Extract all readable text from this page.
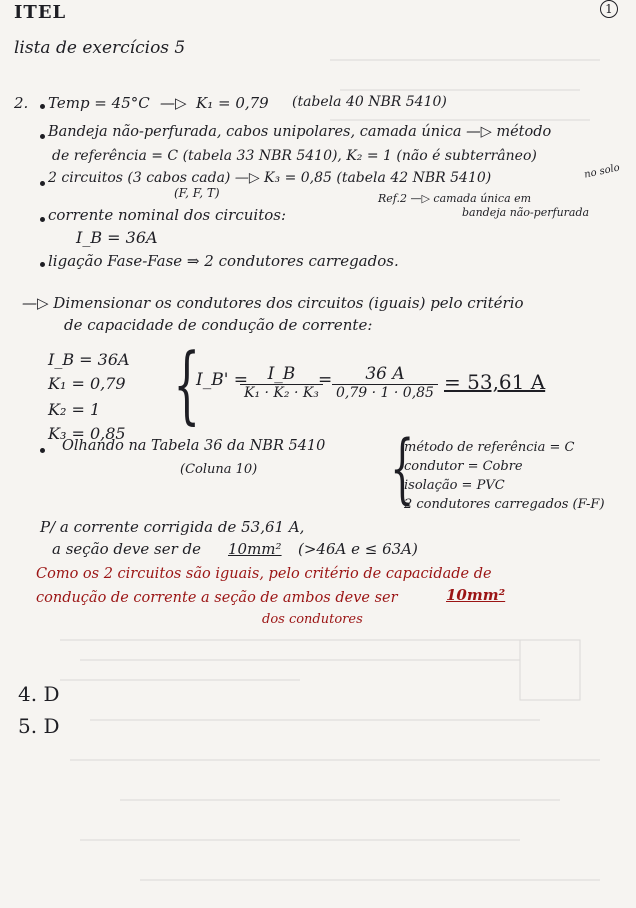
ITEL
lista de exercícios 5
1
2. Temp = 45°C —▷ K₁ = 0,79 (tabela 40 NBR 5410)
Bandeja não-perfurada, cabos unipolares, camada única —▷ método
de referência = C (tabela 33 NBR 5410), K₂ = 1 (não é subterrâneo)
2 circuitos (3 cabos cada) —▷ K₃ = 0,85 (tabela 42 NBR 5410)	no solo
(F, F, T)	Ref.2 —▷ camada única em
bandeja não-perfurada
corrente nominal dos circuitos:
I_B = 36A
ligação Fase-Fase ⇒ 2 condutores carregados.
—▷ Dimensionar os condutores dos circuitos (iguais) pelo critério
de capacidade de condução de corrente:
I_B = 36A
K₁ = 0,79
K₂ = 1
K₃ = 0,85
{
I_B' =	I_B
K₁ · K₂ · K₃
=	36 A
0,79 · 1 · 0,85 = 53,61 A
Olhando na Tabela 36 da NBR 5410
(Coluna 10) {
método de referência = C
condutor = Cobre
isolação = PVC
2 condutores carregados (F-F)
P/ a corrente corrigida de 53,61 A,
a seção deve ser de 10mm² (>46A e ≤ 63A)
Como os 2 circuitos são iguais, pelo critério de capacidade de
condução de corrente a seção de ambos deve ser	10mm²
dos condutores
4. D
5. D
